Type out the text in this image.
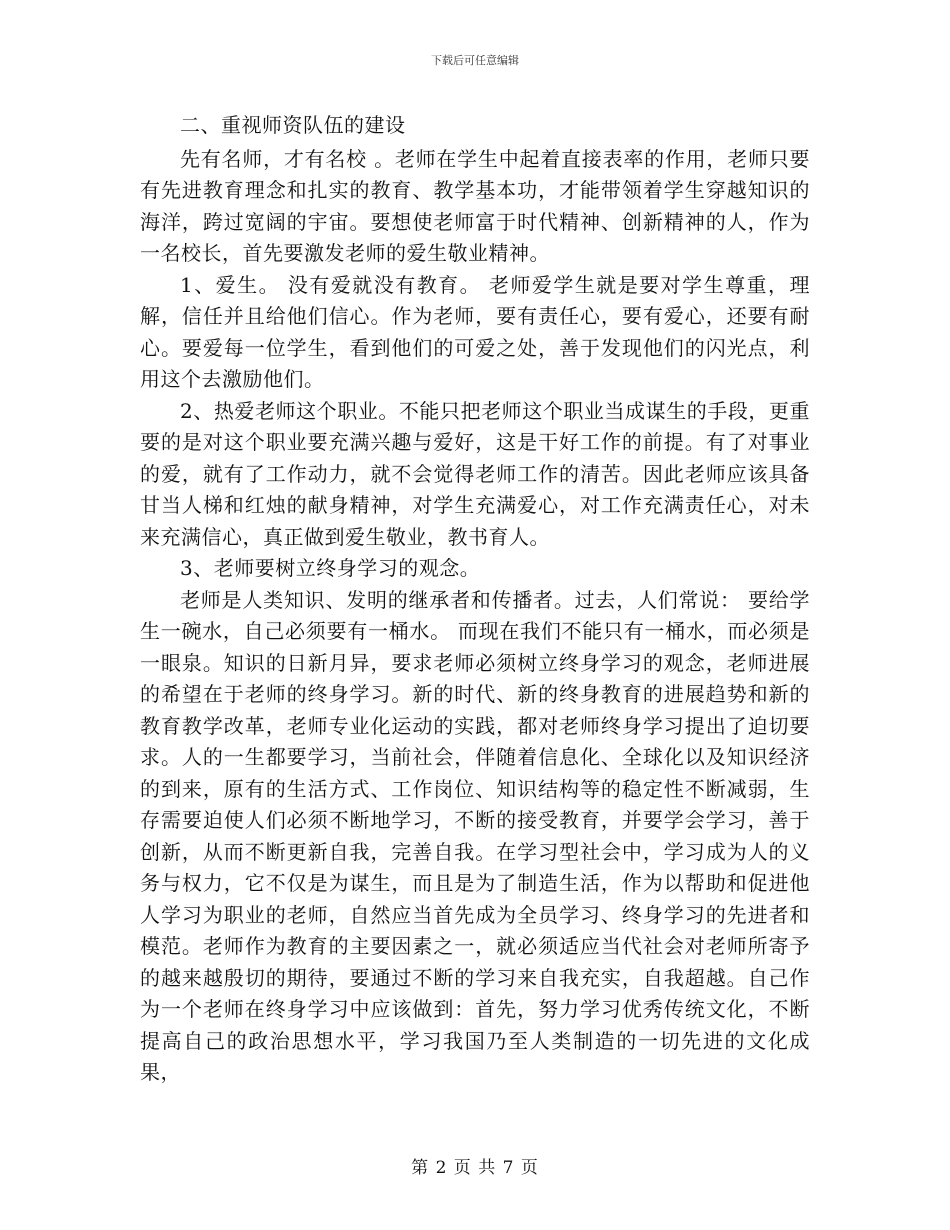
下载后可任意编辑

二、重视师资队伍的建设

先有名师，才有名校 。老师在学生中起着直接表率的作用，老师只要有先进教育理念和扎实的教育、教学基本功，才能带领着学生穿越知识的海洋，跨过宽阔的宇宙。要想使老师富于时代精神、创新精神的人，作为一名校长，首先要激发老师的爱生敬业精神。

1、爱生。 没有爱就没有教育。 老师爱学生就是要对学生尊重，理解，信任并且给他们信心。作为老师，要有责任心，要有爱心，还要有耐心。要爱每一位学生，看到他们的可爱之处，善于发现他们的闪光点，利用这个去激励他们。

2、热爱老师这个职业。不能只把老师这个职业当成谋生的手段，更重要的是对这个职业要充满兴趣与爱好，这是干好工作的前提。有了对事业的爱，就有了工作动力，就不会觉得老师工作的清苦。因此老师应该具备甘当人梯和红烛的献身精神，对学生充满爱心，对工作充满责任心，对未来充满信心，真正做到爱生敬业，教书育人。

3、老师要树立终身学习的观念。

老师是人类知识、发明的继承者和传播者。过去，人们常说： 要给学生一碗水，自己必须要有一桶水。 而现在我们不能只有一桶水，而必须是一眼泉。知识的日新月异，要求老师必须树立终身学习的观念，老师进展的希望在于老师的终身学习。新的时代、新的终身教育的进展趋势和新的教育教学改革，老师专业化运动的实践，都对老师终身学习提出了迫切要求。人的一生都要学习，当前社会，伴随着信息化、全球化以及知识经济的到来，原有的生活方式、工作岗位、知识结构等的稳定性不断减弱，生存需要迫使人们必须不断地学习，不断的接受教育，并要学会学习，善于创新，从而不断更新自我，完善自我。在学习型社会中，学习成为人的义务与权力，它不仅是为谋生，而且是为了制造生活，作为以帮助和促进他人学习为职业的老师，自然应当首先成为全员学习、终身学习的先进者和模范。老师作为教育的主要因素之一，就必须适应当代社会对老师所寄予的越来越殷切的期待，要通过不断的学习来自我充实，自我超越。自己作为一个老师在终身学习中应该做到：首先，努力学习优秀传统文化，不断提高自己的政治思想水平，学习我国乃至人类制造的一切先进的文化成果，

第 2 页 共 7 页
